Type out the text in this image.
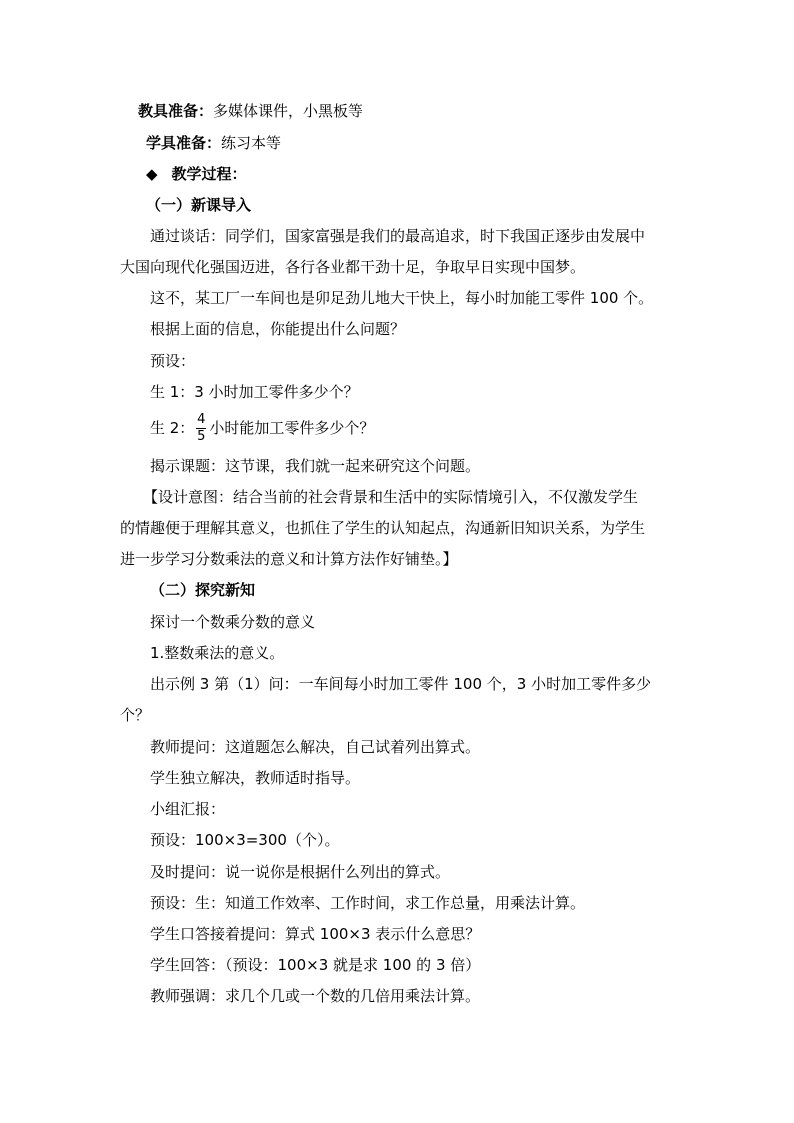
教具准备：多媒体课件，小黑板等
学具准备：练习本等
◆ 教学过程：
（一）新课导入
通过谈话：同学们，国家富强是我们的最高追求，时下我国正逐步由发展中
大国向现代化强国迈进，各行各业都干劲十足，争取早日实现中国梦。
这不，某工厂一车间也是卯足劲儿地大干快上，每小时加能工零件 100 个。
根据上面的信息，你能提出什么问题？
预设：
生 1：3 小时加工零件多少个？
生 2： $\frac{4}{5}$ 小时能加工零件多少个？
揭示课题：这节课，我们就一起来研究这个问题。
【设计意图：结合当前的社会背景和生活中的实际情境引入，不仅激发学生
的情趣便于理解其意义，也抓住了学生的认知起点，沟通新旧知识关系，为学生
进一步学习分数乘法的意义和计算方法作好铺垫。】
（二）探究新知
探讨一个数乘分数的意义
1.整数乘法的意义。
出示例 3 第（1）问：一车间每小时加工零件 100 个，3 小时加工零件多少
个？
教师提问：这道题怎么解决，自己试着列出算式。
学生独立解决，教师适时指导。
小组汇报：
预设：100×3=300（个）。
及时提问：说一说你是根据什么列出的算式。
预设：生：知道工作效率、工作时间，求工作总量，用乘法计算。
学生口答接着提问：算式 100×3 表示什么意思？
学生回答：（预设：100×3 就是求 100 的 3 倍）
教师强调：求几个几或一个数的几倍用乘法计算。
